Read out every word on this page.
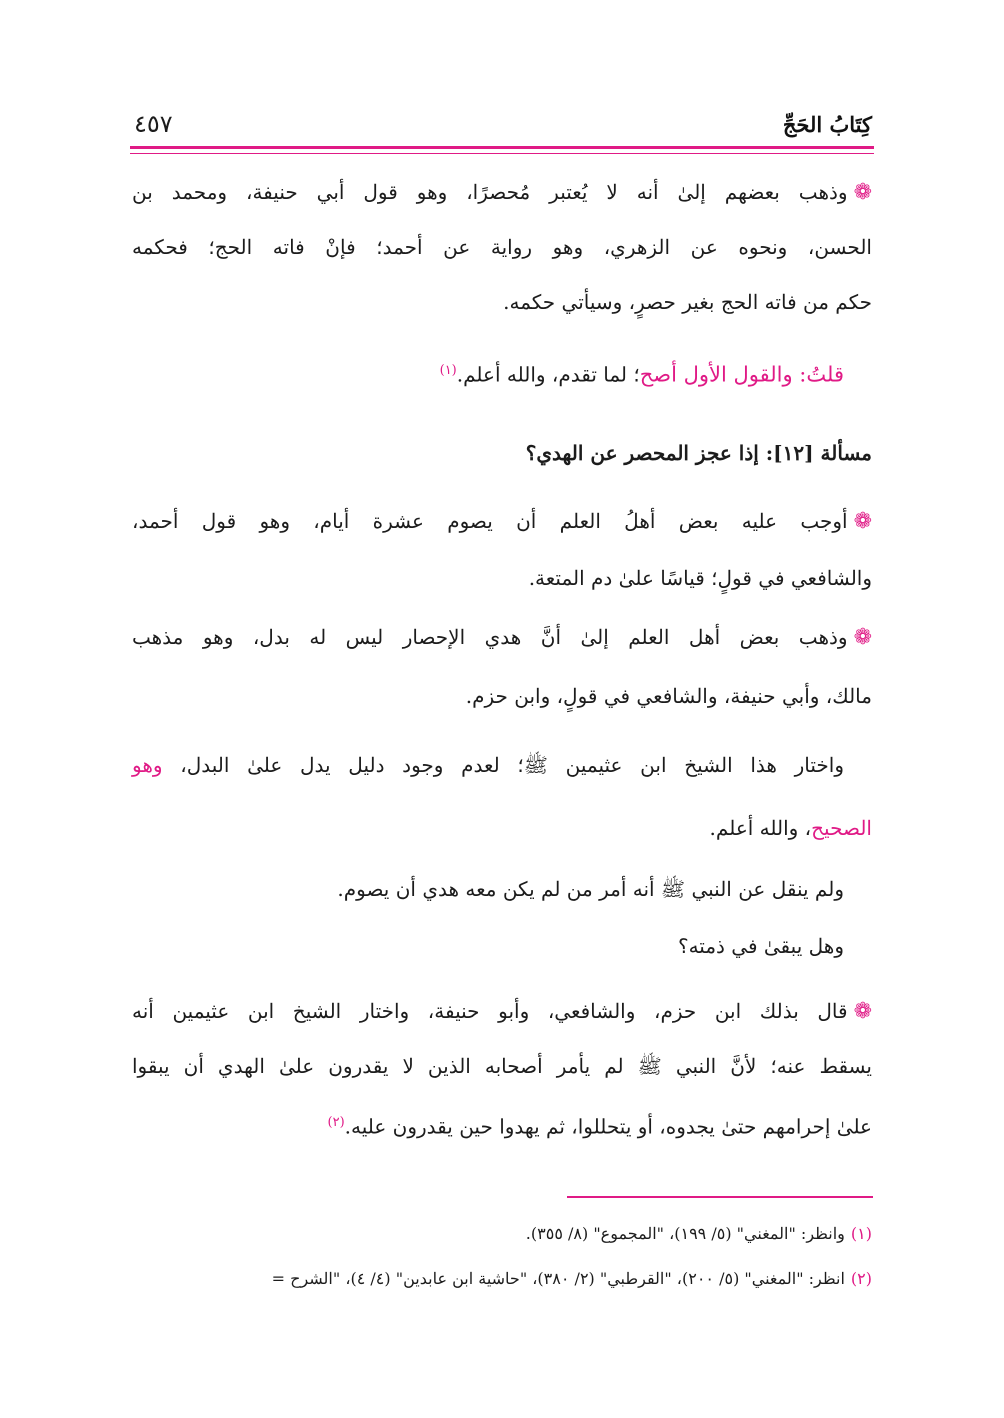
كِتَابُ الحَجِّ
٤٥٧
❁وذهب بعضهم إلىٰ أنه لا يُعتبر مُحصرًا، وهو قول أبي حنيفة، ومحمد بن
الحسن، ونحوه عن الزهري، وهو رواية عن أحمد؛ فإنْ فاته الحج؛ فحكمه
حكم من فاته الحج بغير حصرٍ، وسيأتي حكمه.
قلتُ: والقول الأول أصح؛ لما تقدم، والله أعلم.$^{(١)}$
مسألة [١٢]: إذا عجز المحصر عن الهدي؟
❁أوجب عليه بعض أهلُ العلم أن يصوم عشرة أيام، وهو قول أحمد،
والشافعي في قولٍ؛ قياسًا علىٰ دم المتعة.
❁وذهب بعض أهل العلم إلىٰ أنَّ هدي الإحصار ليس له بدل، وهو مذهب
مالك، وأبي حنيفة، والشافعي في قولٍ، وابن حزم.
واختار هذا الشيخ ابن عثيمين ﷺ؛ لعدم وجود دليل يدل علىٰ البدل، وهو
الصحيح، والله أعلم.
ولم ينقل عن النبي ﷺ أنه أمر من لم يكن معه هدي أن يصوم.
وهل يبقىٰ في ذمته؟
❁قال بذلك ابن حزم، والشافعي، وأبو حنيفة، واختار الشيخ ابن عثيمين أنه
يسقط عنه؛ لأنَّ النبي ﷺ لم يأمر أصحابه الذين لا يقدرون علىٰ الهدي أن يبقوا
علىٰ إحرامهم حتىٰ يجدوه، أو يتحللوا، ثم يهدوا حين يقدرون عليه.$^{(٢)}$
(١)وانظر: "المغني" (٥/ ١٩٩)، "المجموع" (٨/ ٣٥٥).
(٢)انظر: "المغني" (٥/ ٢٠٠)، "القرطبي" (٢/ ٣٨٠)، "حاشية ابن عابدين" (٤/ ٤)، "الشرح =
